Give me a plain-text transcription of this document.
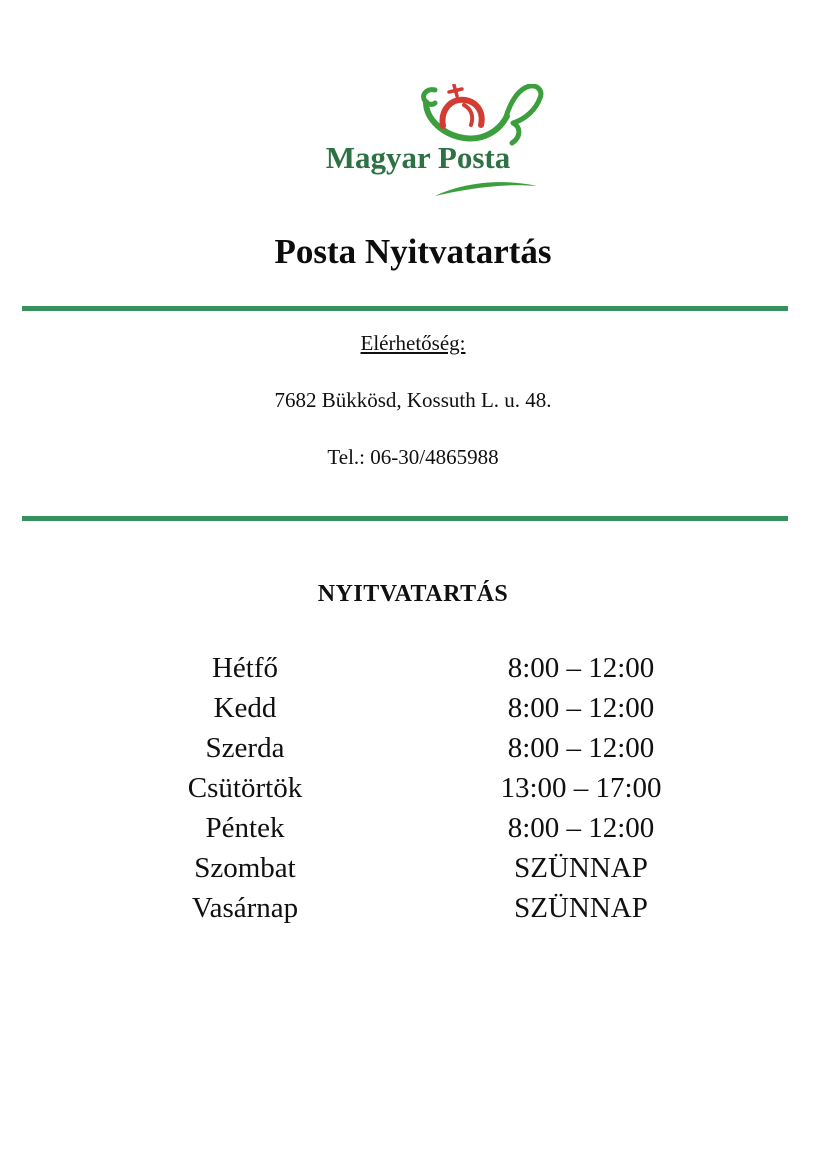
Magyar Posta
Posta Nyitvatartás

Elérhetőség:

7682 Bükkösd, Kossuth L. u. 48.

Tel.: 06-30/4865988

NYITVATARTÁS
Hétfő	8:00 – 12:00
Kedd	8:00 – 12:00
Szerda	8:00 – 12:00
Csütörtök	13:00 – 17:00
Péntek	8:00 – 12:00
Szombat	SZÜNNAP
Vasárnap	SZÜNNAP
